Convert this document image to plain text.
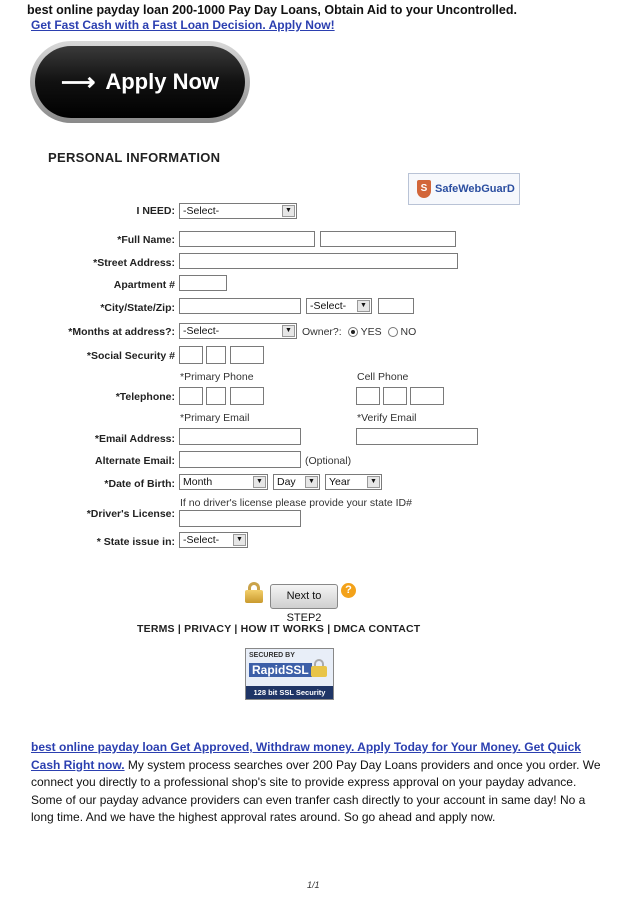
best online payday loan 200-1000 Pay Day Loans, Obtain Aid to your Uncontrolled.
Get Fast Cash with a Fast Loan Decision. Apply Now!
⟶ Apply Now
PERSONAL INFORMATION
S SafeWebGuarD
I NEED: -Select-	▼
*Full Name:
*Street Address:
Apartment #
*City/State/Zip:	-Select-	▼
*Months at address?: -Select-	▼ Owner?: YES NO
*Social Security #
*Primary Phone	Cell Phone
*Telephone:
*Primary Email	*Verify Email
*Email Address:
Alternate Email:	(Optional)
*Date of Birth: Month	▼	Day	▼	Year	▼
If no driver's license please provide your state ID#
*Driver's License:
* State issue in: -Select-	▼
Next to STEP2
?
TERMS | PRIVACY | HOW IT WORKS | DMCA CONTACT
SECURED BY
RapidSSL
128 bit SSL Security
best online payday loan Get Approved, Withdraw money. Apply Today for Your Money. Get Quick Cash Right now. My system process searches over 200 Pay Day Loans providers and once you order. We connect you directly to a professional shop's site to provide express approval on your payday advance. Some of our payday advance providers can even tranfer cash directly to your account in same day! No a long time. And we have the highest approval rates around. So go ahead and apply now.
1/1
